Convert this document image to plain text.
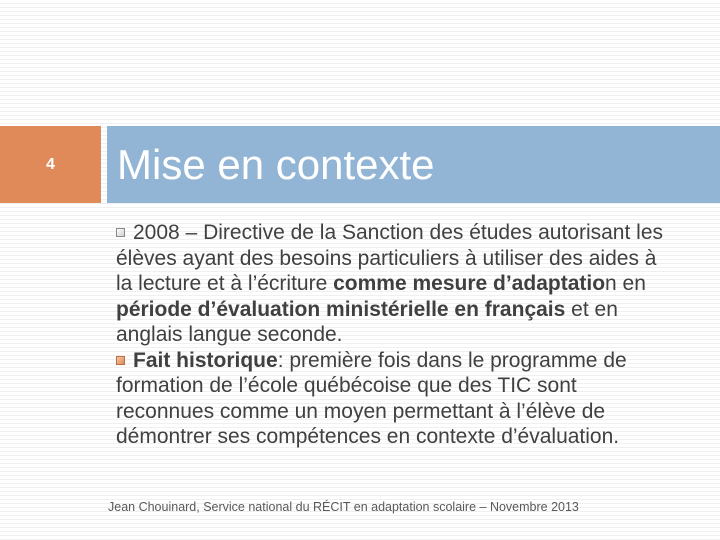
4	Mise en contexte

2008 – Directive de la Sanction des études autorisant les élèves ayant des besoins particuliers à utiliser des aides à la lecture et à l’écriture comme mesure d’adaptation en période d’évaluation ministérielle en français et en anglais langue seconde.

Fait historique: première fois dans le programme de formation de l’école québécoise que des TIC sont reconnues comme un moyen permettant à l’élève de démontrer ses compétences en contexte d’évaluation.

Jean Chouinard, Service national du RÉCIT en adaptation scolaire – Novembre 2013
